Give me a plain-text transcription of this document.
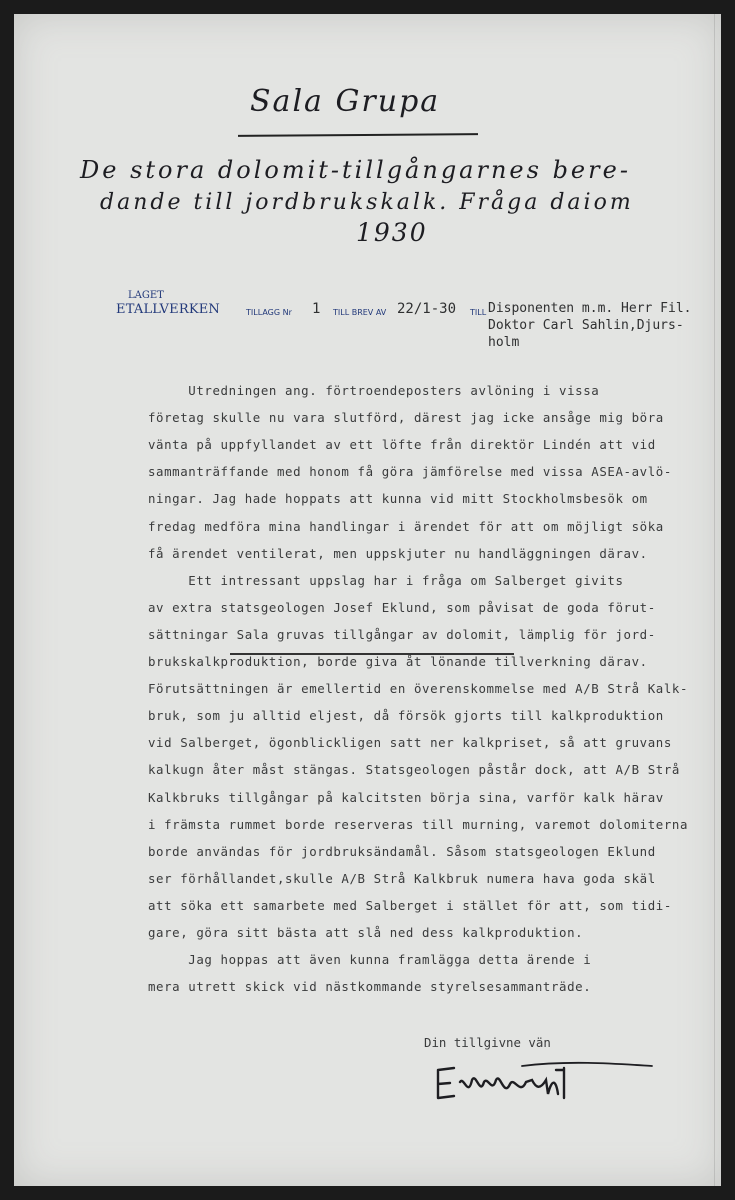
Sala Grupa
De stora dolomit-tillgångarnes bere-
dande till jordbrukskalk. Fråga daiom
1930
LAGET
ETALLVERKEN	TILLAGG Nr 1 TILL BREV AV 22/1-30 TILL Disponenten m.m. Herr Fil.
Doktor Carl Sahlin,Djurs-
holm
Utredningen ang. förtroendeposters avlöning i vissa
företag skulle nu vara slutförd, därest jag icke ansåge mig böra
vänta på uppfyllandet av ett löfte från direktör Lindén att vid
sammanträffande med honom få göra jämförelse med vissa ASEA-avlö-
ningar. Jag hade hoppats att kunna vid mitt Stockholmsbesök om
fredag medföra mina handlingar i ärendet för att om möjligt söka
få ärendet ventilerat, men uppskjuter nu handläggningen därav.
Ett intressant uppslag har i fråga om Salberget givits
av extra statsgeologen Josef Eklund, som påvisat de goda förut-
sättningar Sala gruvas tillgångar av dolomit, lämplig för jord-
brukskalkproduktion, borde giva åt lönande tillverkning därav.
Förutsättningen är emellertid en överenskommelse med A/B Strå Kalk-
bruk, som ju alltid eljest, då försök gjorts till kalkproduktion
vid Salberget, ögonblickligen satt ner kalkpriset, så att gruvans
kalkugn åter måst stängas. Statsgeologen påstår dock, att A/B Strå
Kalkbruks tillgångar på kalcitsten börja sina, varför kalk härav
i främsta rummet borde reserveras till murning, varemot dolomiterna
borde användas för jordbruksändamål. Såsom statsgeologen Eklund
ser förhållandet,skulle A/B Strå Kalkbruk numera hava goda skäl
att söka ett samarbete med Salberget i stället för att, som tidi-
gare, göra sitt bästa att slå ned dess kalkproduktion.
Jag hoppas att även kunna framlägga detta ärende i
mera utrett skick vid nästkommande styrelsesammanträde.
Din tillgivne vän
